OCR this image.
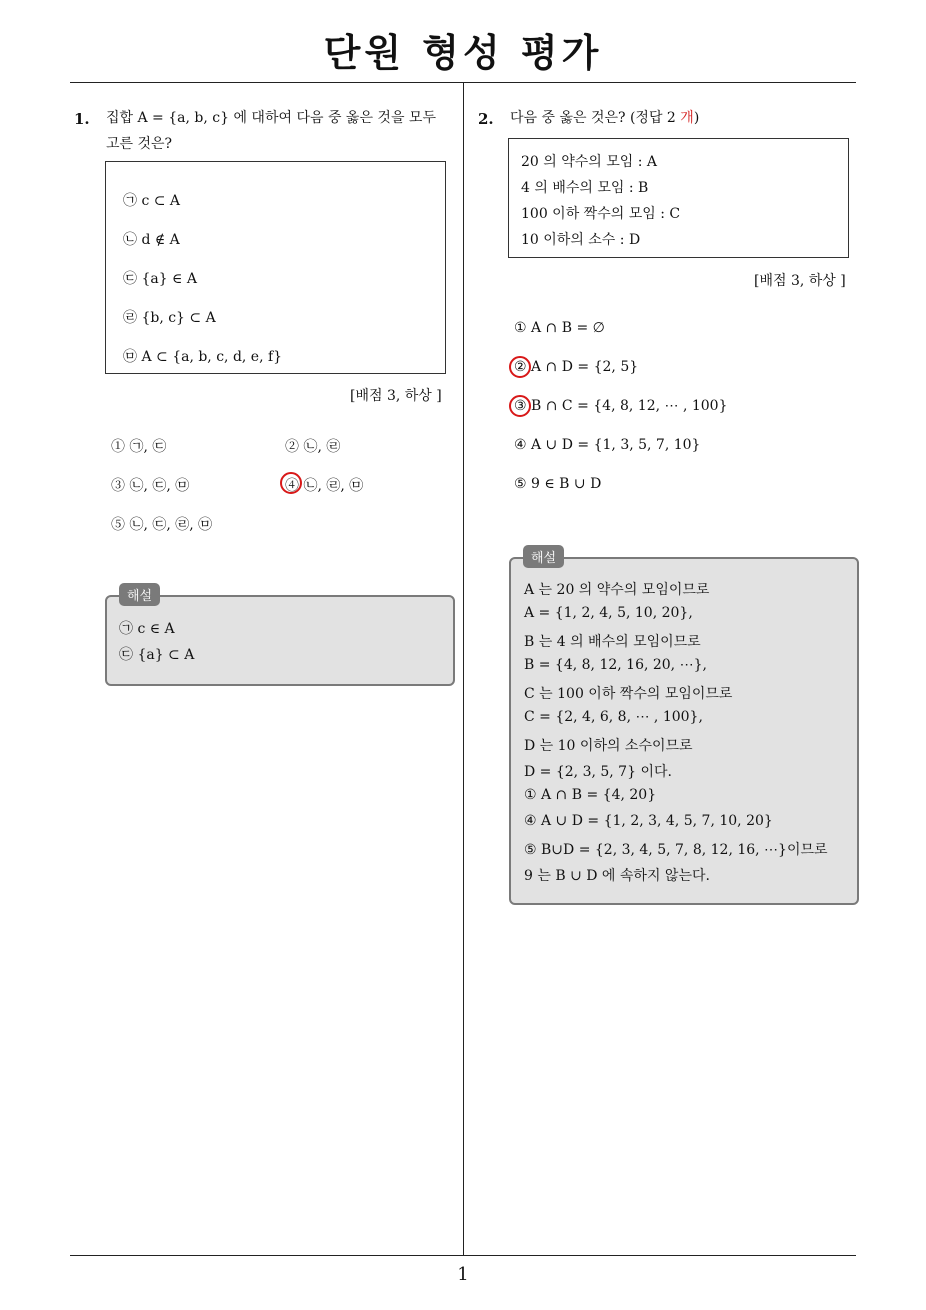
단원 형성 평가
1. 집합 A = {a, b, c} 에 대하여 다음 중 옳은 것을 모두
고른 것은?
㉠ c ⊂ A
㉡ d ∉ A
㉢ {a} ∈ A
㉣ {b, c} ⊂ A
㉤ A ⊂ {a, b, c, d, e, f}
[배점 3, 하상 ]
① ㉠, ㉢	② ㉡, ㉣
③ ㉡, ㉢, ㉤	④ ㉡, ㉣, ㉤
⑤ ㉡, ㉢, ㉣, ㉤
㉠ c ∈ A
㉢ {a} ⊂ A
해설
2. 다음 중 옳은 것은? (정답 2 개)
20 의 약수의 모임 : A
4 의 배수의 모임 : B
100 이하 짝수의 모임 : C
10 이하의 소수 : D
[배점 3, 하상 ]
① A ∩ B = ∅
② A ∩ D = {2, 5}
③ B ∩ C = {4, 8, 12, ⋯ , 100}
④ A ∪ D = {1, 3, 5, 7, 10}
⑤ 9 ∈ B ∪ D
A 는 20 의 약수의 모임이므로
A = {1, 2, 4, 5, 10, 20},
B 는 4 의 배수의 모임이므로
B = {4, 8, 12, 16, 20, ⋯},
C 는 100 이하 짝수의 모임이므로
C = {2, 4, 6, 8, ⋯ , 100},
D 는 10 이하의 소수이므로
D = {2, 3, 5, 7} 이다.
① A ∩ B = {4, 20}
④ A ∪ D = {1, 2, 3, 4, 5, 7, 10, 20}
⑤ B∪D = {2, 3, 4, 5, 7, 8, 12, 16, ⋯}이므로
9 는 B ∪ D 에 속하지 않는다.
해설
1
